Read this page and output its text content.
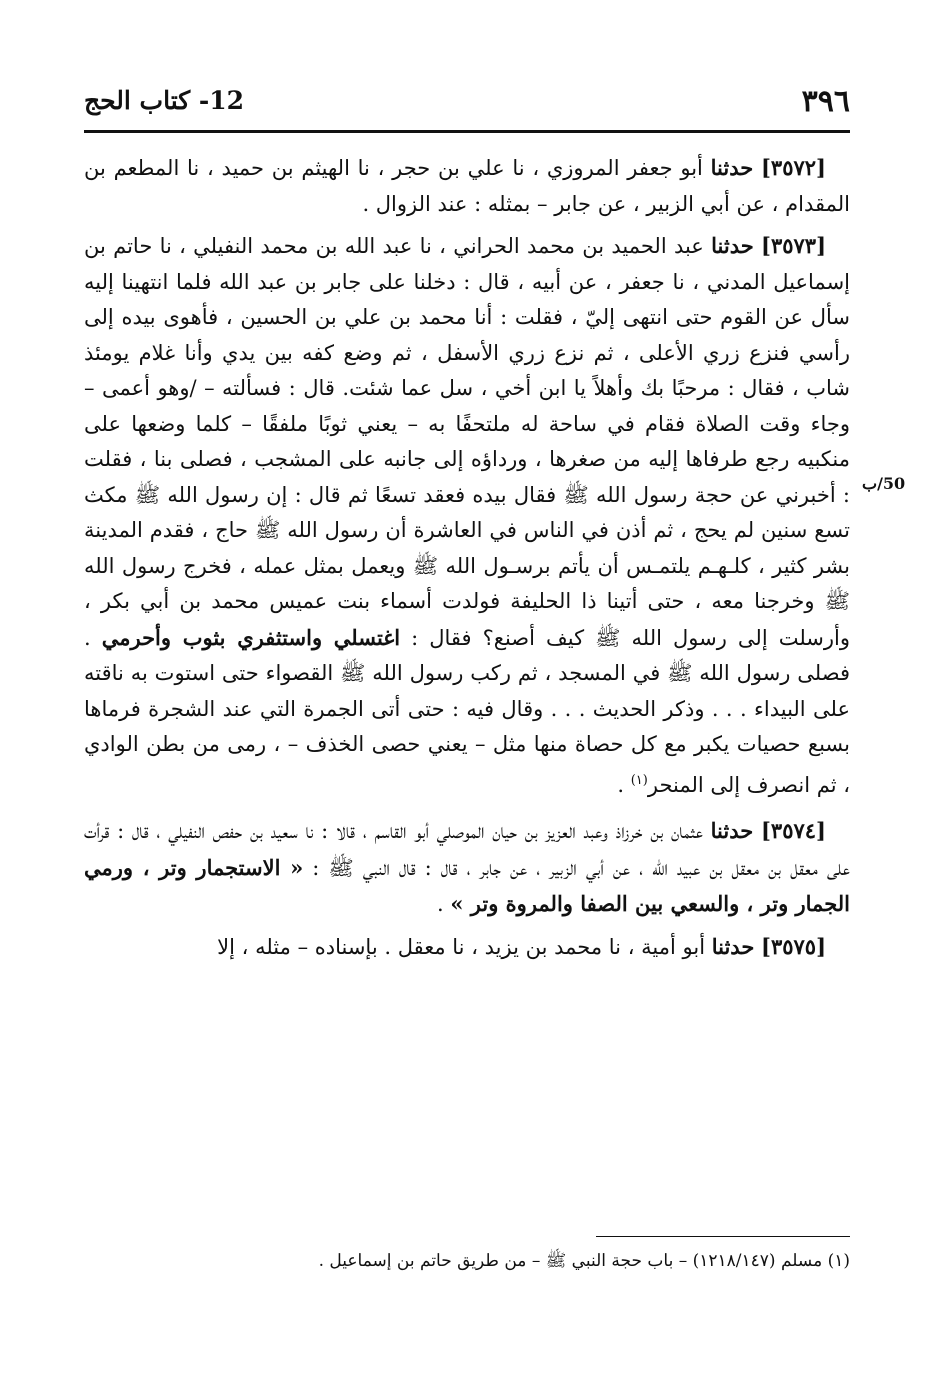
٣٩٦
12- كتاب الحج
50/ب

[٣٥٧٢] حدثنا أبو جعفر المروزي ، نا علي بن حجر ، نا الهيثم بن حميد ، نا المطعم بن المقدام ، عن أبي الزبير ، عن جابر – بمثله : عند الزوال .

[٣٥٧٣] حدثنا عبد الحميد بن محمد الحراني ، نا عبد الله بن محمد النفيلي ، نا حاتم بن إسماعيل المدني ، نا جعفر ، عن أبيه ، قال : دخلنا على جابر بن عبد الله فلما انتهينا إليه سأل عن القوم حتى انتهى إليّ ، فقلت : أنا محمد بن علي بن الحسين ، فأهوى بيده إلى رأسي فنزع زري الأعلى ، ثم نزع زري الأسفل ، ثم وضع كفه بين يدي وأنا غلام يومئذ شاب ، فقال : مرحبًا بك وأهلاً يا ابن أخي ، سل عما شئت. قال : فسألته – /وهو أعمى – وجاء وقت الصلاة فقام في ساحة له ملتحفًا به – يعني ثوبًا ملفقًا – كلما وضعها على منكبيه رجع طرفاها إليه من صغرها ، ورداؤه إلى جانبه على المشجب ، فصلى بنا ، فقلت : أخبرني عن حجة رسول الله ﷺ فقال بيده فعقد تسعًا ثم قال : إن رسول الله ﷺ مكث تسع سنين لم يحج ، ثم أذن في الناس في العاشرة أن رسول الله ﷺ حاج ، فقدم المدينة بشر كثير ، كلـهـم يلتمـس أن يأتم برسـول الله ﷺ ويعمل بمثل عمله ، فخرج رسول الله ﷺ وخرجنا معه ، حتى أتينا ذا الحليفة فولدت أسماء بنت عميس محمد بن أبي بكر ، وأرسلت إلى رسول الله ﷺ كيف أصنع؟ فقال : اغتسلي واستثفري بثوب وأحرمي . فصلى رسول الله ﷺ في المسجد ، ثم ركب رسول الله ﷺ القصواء حتى استوت به ناقته على البيداء . . . وذكر الحديث . . . وقال فيه : حتى أتى الجمرة التي عند الشجرة فرماها بسبع حصيات يكبر مع كل حصاة منها مثل – يعني حصى الخذف – ، رمى من بطن الوادي ، ثم انصرف إلى المنحر$^{(١)}$ .

[٣٥٧٤] حدثنا عثمان بن خرزاذ وعبد العزيز بن حيان الموصلي أبو القاسم ، قالا : نا سعيد بن حفص النفيلي ، قال : قرأت على معقل بن معقل بن عبيد الله ، عن أبي الزبير ، عن جابر ، قال : قال النبي ﷺ : « الاستجمار وتر ، ورمي الجمار وتر ، والسعي بين الصفا والمروة وتر » .

[٣٥٧٥] حدثنا أبو أمية ، نا محمد بن يزيد ، نا معقل . بإسناده – مثله ، إلا

(١) مسلم (١٢١٨/١٤٧) – باب حجة النبي ﷺ – من طريق حاتم بن إسماعيل .
